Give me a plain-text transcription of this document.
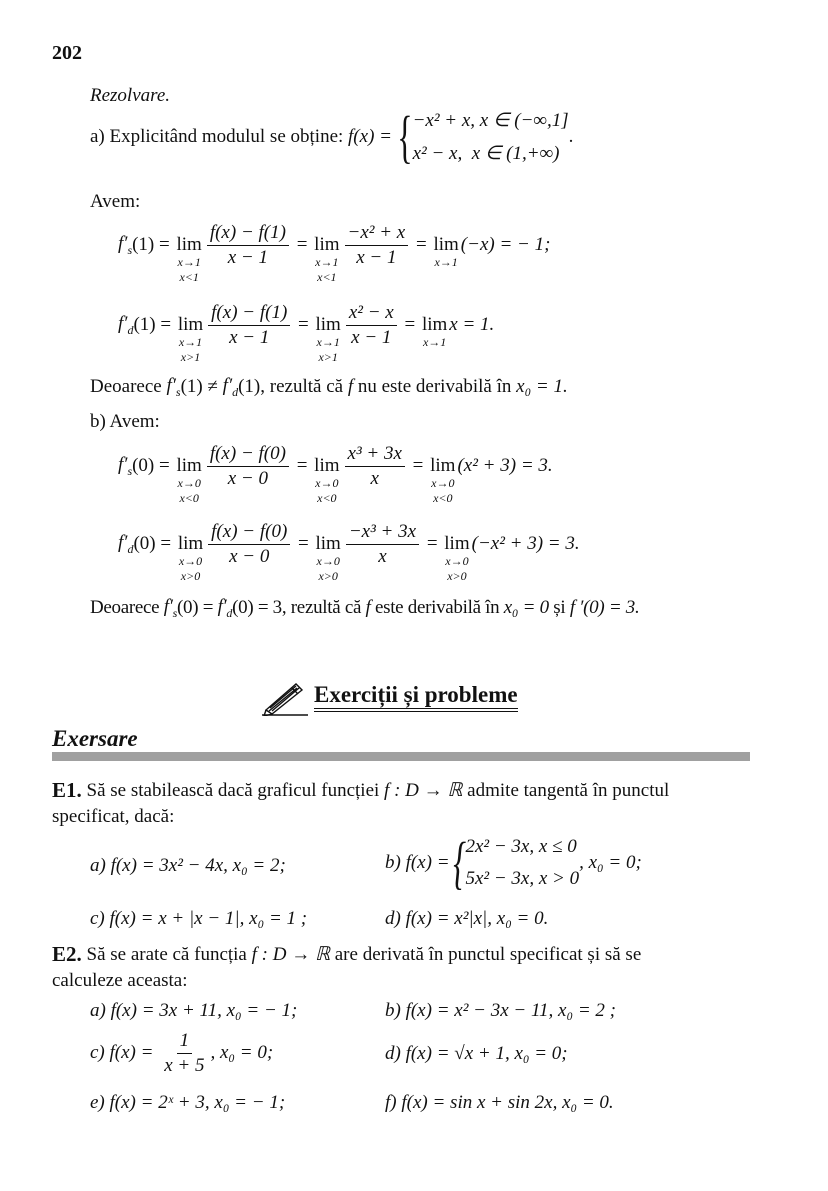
202
Rezolvare.
a) Explicitând modulul se obține: f(x) = { −x² + x, x ∈ (−∞,1]
x² − x,  x ∈ (1,+∞)
.
Avem:
$f'_s$ (1) = lim
x→1
x<1
$\frac{f(x) - f(1)}{x - 1} = \lim$
x→1
x<1
$\frac{\text{−x² + x}}{x - 1} = \lim$
x→1
(−x) = − 1;
$f'_d$ (1) = lim
x→1
x>1
$\frac{f(x) - f(1)}{x - 1} = \lim$
x→1
x>1
$\frac{\text{x² − x}}{x - 1} = \lim$
x→1
x = 1.
Deoarece $f'_s$ $(1) \ne f'_d$ (1), rezultă că f nu este derivabilă în x₀ = 1.
b) Avem:
$f'_s$ (0) = lim
x→0
x<0
$\frac{f(x) - f(0)}{x - 0} = \lim$
x→0
x<0
$\frac{\text{x³ + 3x}}{x} = \lim$
x→0
x<0
(x² + 3) = 3.
$f'_d$ (0) = lim
x→0
x>0
$\frac{f(x) - f(0)}{x - 0} = \lim$
x→0
x>0
$\frac{\text{−x³ + 3x}}{x} = \lim$
x→0
x>0
(−x² + 3) = 3.
Deoarece $f'_s$ $(0) = f'_d$ (0) = 3, rezultă că f este derivabilă în x₀ = 0 și f ′(0) = 3.
Exerciții și probleme
Exersare
E1. Să se stabilească dacă graficul funcției f : D → ℝ admite tangentă în punctul
specificat, dacă:
a) f(x) = 3x² − 4x, x₀ = 2;	b) f(x) = { 2x² − 3x, x ≤ 0
5x² − 3x, x > 0
, x₀ = 0;
c) f(x) = x + |x − 1|, x₀ = 1 ;	d) f(x) = x²|x|, x₀ = 0.
E2. Să se arate că funcția f : D → ℝ are derivată în punctul specificat și să se
calculeze aceasta:
a) f(x) = 3x + 11, x₀ = − 1;	b) f(x) = x² − 3x − 11, x₀ = 2 ;
c) $f(x) = \frac{1}{x + 5}$ , x₀ = 0;	d) f(x) = √x + 1, x₀ = 0;
e) f(x) = 2ˣ + 3, x₀ = − 1;	f) f(x) = sin x + sin 2x, x₀ = 0.
